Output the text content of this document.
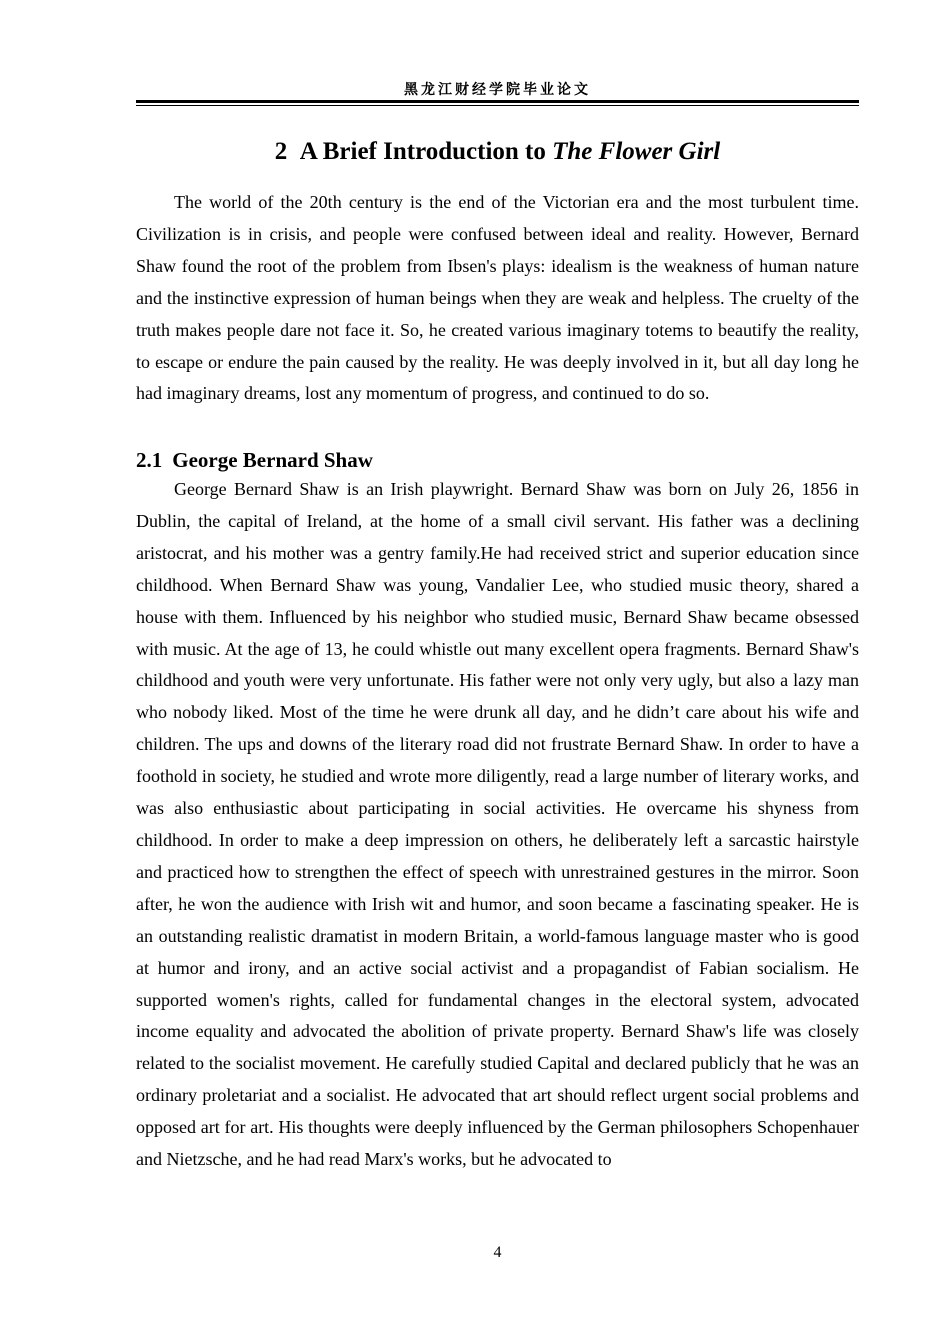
黑龙江财经学院毕业论文
2 A Brief Introduction to The Flower Girl

The world of the 20th century is the end of the Victorian era and the most turbulent time. Civilization is in crisis, and people were confused between ideal and reality. However, Bernard Shaw found the root of the problem from Ibsen's plays: idealism is the weakness of human nature and the instinctive expression of human beings when they are weak and helpless. The cruelty of the truth makes people dare not face it. So, he created various imaginary totems to beautify the reality, to escape or endure the pain caused by the reality. He was deeply involved in it, but all day long he had imaginary dreams, lost any momentum of progress, and continued to do so.

2.1 George Bernard Shaw

George Bernard Shaw is an Irish playwright. Bernard Shaw was born on July 26, 1856 in Dublin, the capital of Ireland, at the home of a small civil servant. His father was a declining aristocrat, and his mother was a gentry family.He had received strict and superior education since childhood. When Bernard Shaw was young, Vandalier Lee, who studied music theory, shared a house with them. Influenced by his neighbor who studied music, Bernard Shaw became obsessed with music. At the age of 13, he could whistle out many excellent opera fragments. Bernard Shaw's childhood and youth were very unfortunate. His father were not only very ugly, but also a lazy man who nobody liked. Most of the time he were drunk all day, and he didn’t care about his wife and children. The ups and downs of the literary road did not frustrate Bernard Shaw. In order to have a foothold in society, he studied and wrote more diligently, read a large number of literary works, and was also enthusiastic about participating in social activities. He overcame his shyness from childhood. In order to make a deep impression on others, he deliberately left a sarcastic hairstyle and practiced how to strengthen the effect of speech with unrestrained gestures in the mirror. Soon after, he won the audience with Irish wit and humor, and soon became a fascinating speaker. He is an outstanding realistic dramatist in modern Britain, a world-famous language master who is good at humor and irony, and an active social activist and a propagandist of Fabian socialism. He supported women's rights, called for fundamental changes in the electoral system, advocated income equality and advocated the abolition of private property. Bernard Shaw's life was closely related to the socialist movement. He carefully studied Capital and declared publicly that he was an ordinary proletariat and a socialist. He advocated that art should reflect urgent social problems and opposed art for art. His thoughts were deeply influenced by the German philosophers Schopenhauer and Nietzsche, and he had read Marx's works, but he advocated to

4
